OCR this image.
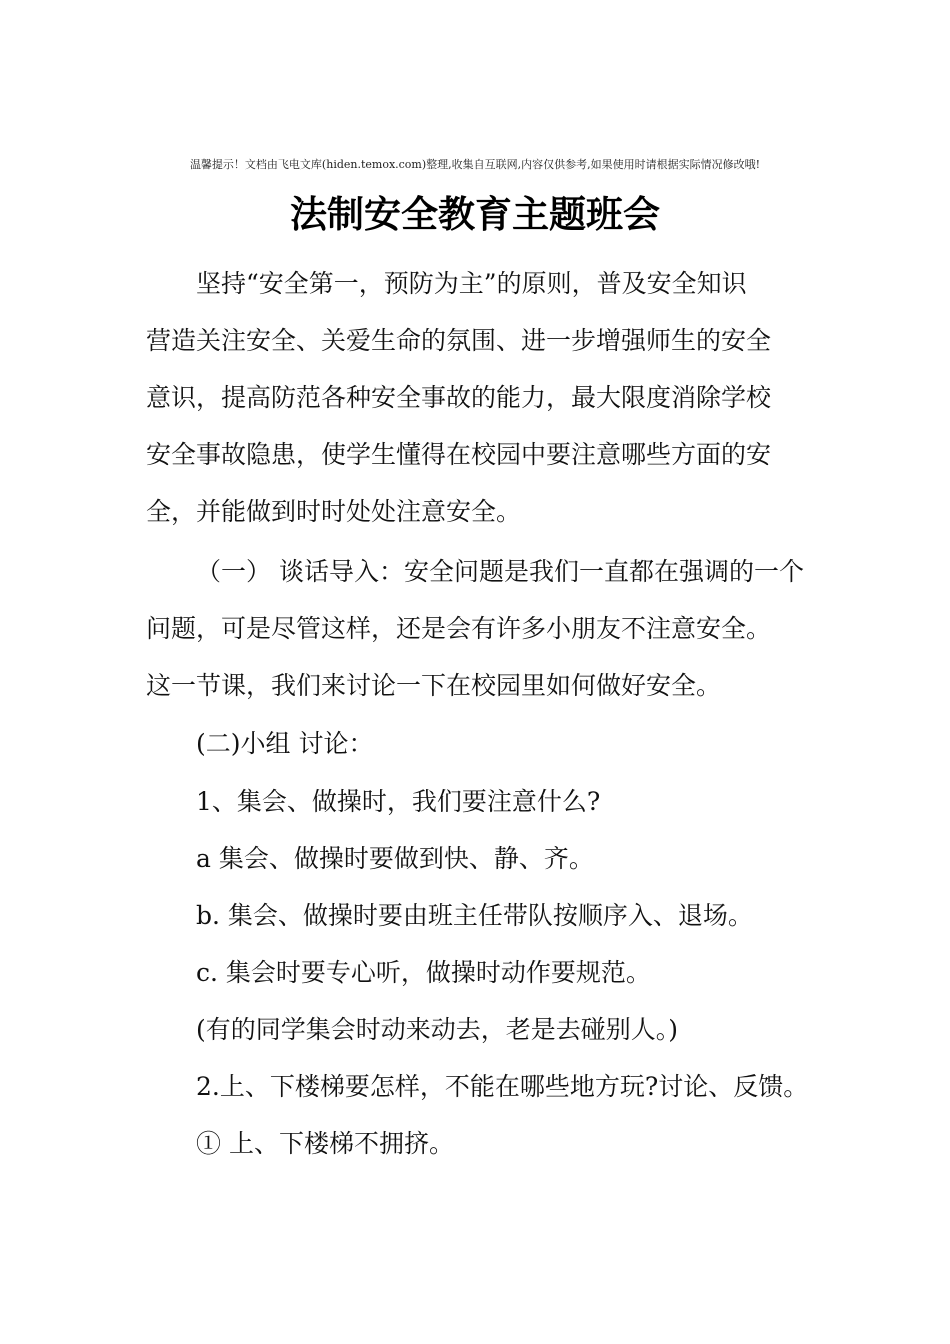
温馨提示！文档由飞电文库(hiden.temox.com)整理,收集自互联网,内容仅供参考,如果使用时请根据实际情况修改哦!
法制安全教育主题班会
坚持“安全第一，预防为主”的原则，普及安全知识
营造关注安全、关爱生命的氛围、进一步增强师生的安全
意识，提高防范各种安全事故的能力，最大限度消除学校
安全事故隐患，使学生懂得在校园中要注意哪些方面的安
全，并能做到时时处处注意安全。
（一） 谈话导入：安全问题是我们一直都在强调的一个
问题，可是尽管这样，还是会有许多小朋友不注意安全。
这一节课，我们来讨论一下在校园里如何做好安全。
(二)小组 讨论：
1、集会、做操时，我们要注意什么?
a 集会、做操时要做到快、静、齐。
b. 集会、做操时要由班主任带队按顺序入、退场。
c. 集会时要专心听，做操时动作要规范。
(有的同学集会时动来动去，老是去碰别人。)
2.上、下楼梯要怎样，不能在哪些地方玩?讨论、反馈。
① 上、下楼梯不拥挤。
